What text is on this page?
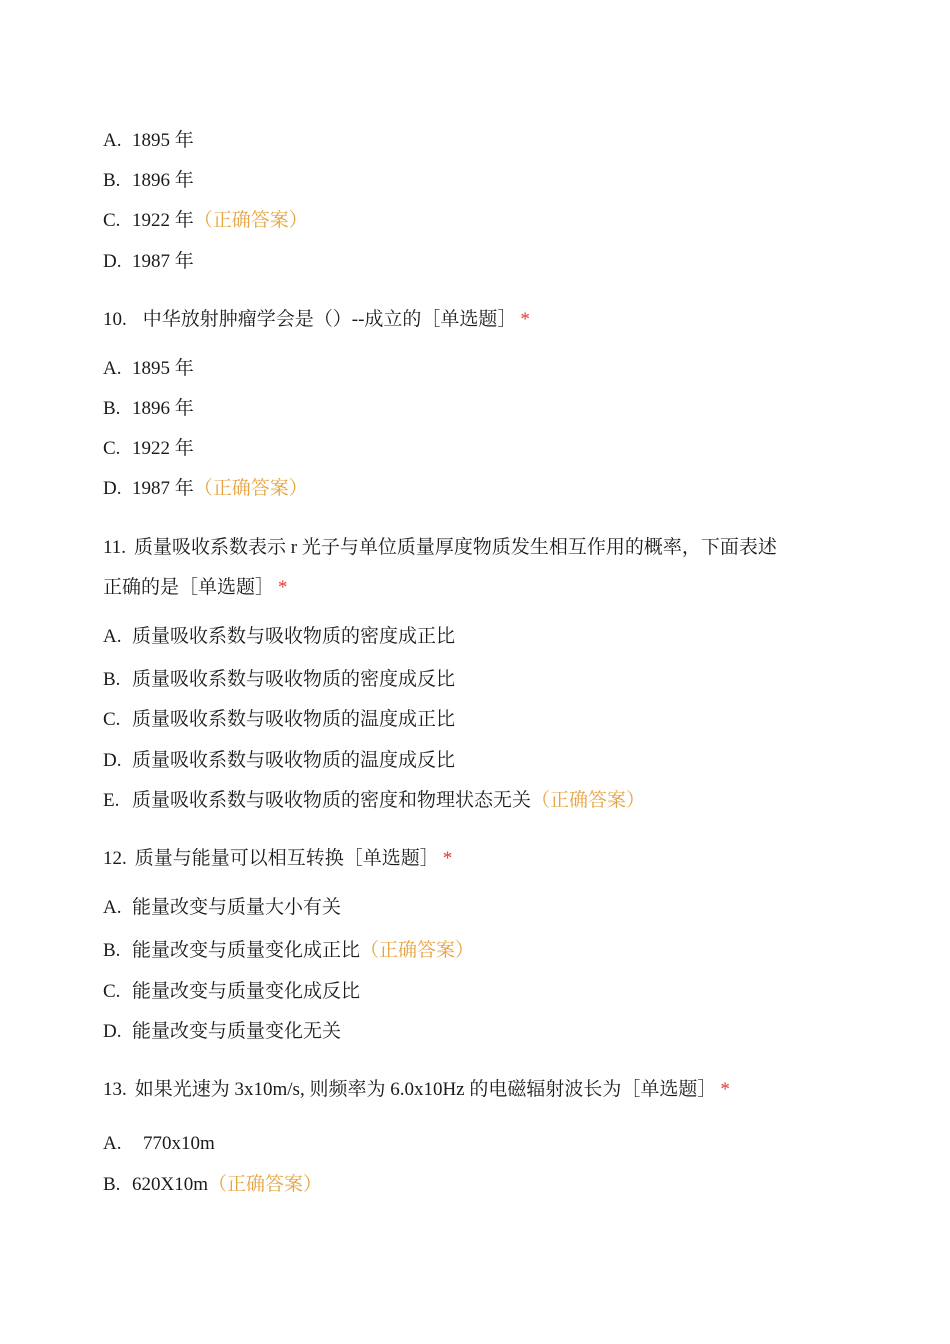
A. 1895 年
B. 1896 年
C. 1922 年（正确答案）
D. 1987 年
10. 中华放射肿瘤学会是（）--成立的［单选题］ *
A. 1895 年
B. 1896 年
C. 1922 年
D. 1987 年（正确答案）
11. 质量吸收系数表示 r 光子与单位质量厚度物质发生相互作用的概率，下面表述
正确的是［单选题］ *
A. 质量吸收系数与吸收物质的密度成正比
B. 质量吸收系数与吸收物质的密度成反比
C. 质量吸收系数与吸收物质的温度成正比
D. 质量吸收系数与吸收物质的温度成反比
E. 质量吸收系数与吸收物质的密度和物理状态无关（正确答案）
12. 质量与能量可以相互转换［单选题］ *
A. 能量改变与质量大小有关
B. 能量改变与质量变化成正比（正确答案）
C. 能量改变与质量变化成反比
D. 能量改变与质量变化无关
13. 如果光速为 3x10m/s, 则频率为 6.0x10Hz 的电磁辐射波长为［单选题］ *
A. 770x10m
B. 620X10m（正确答案）
